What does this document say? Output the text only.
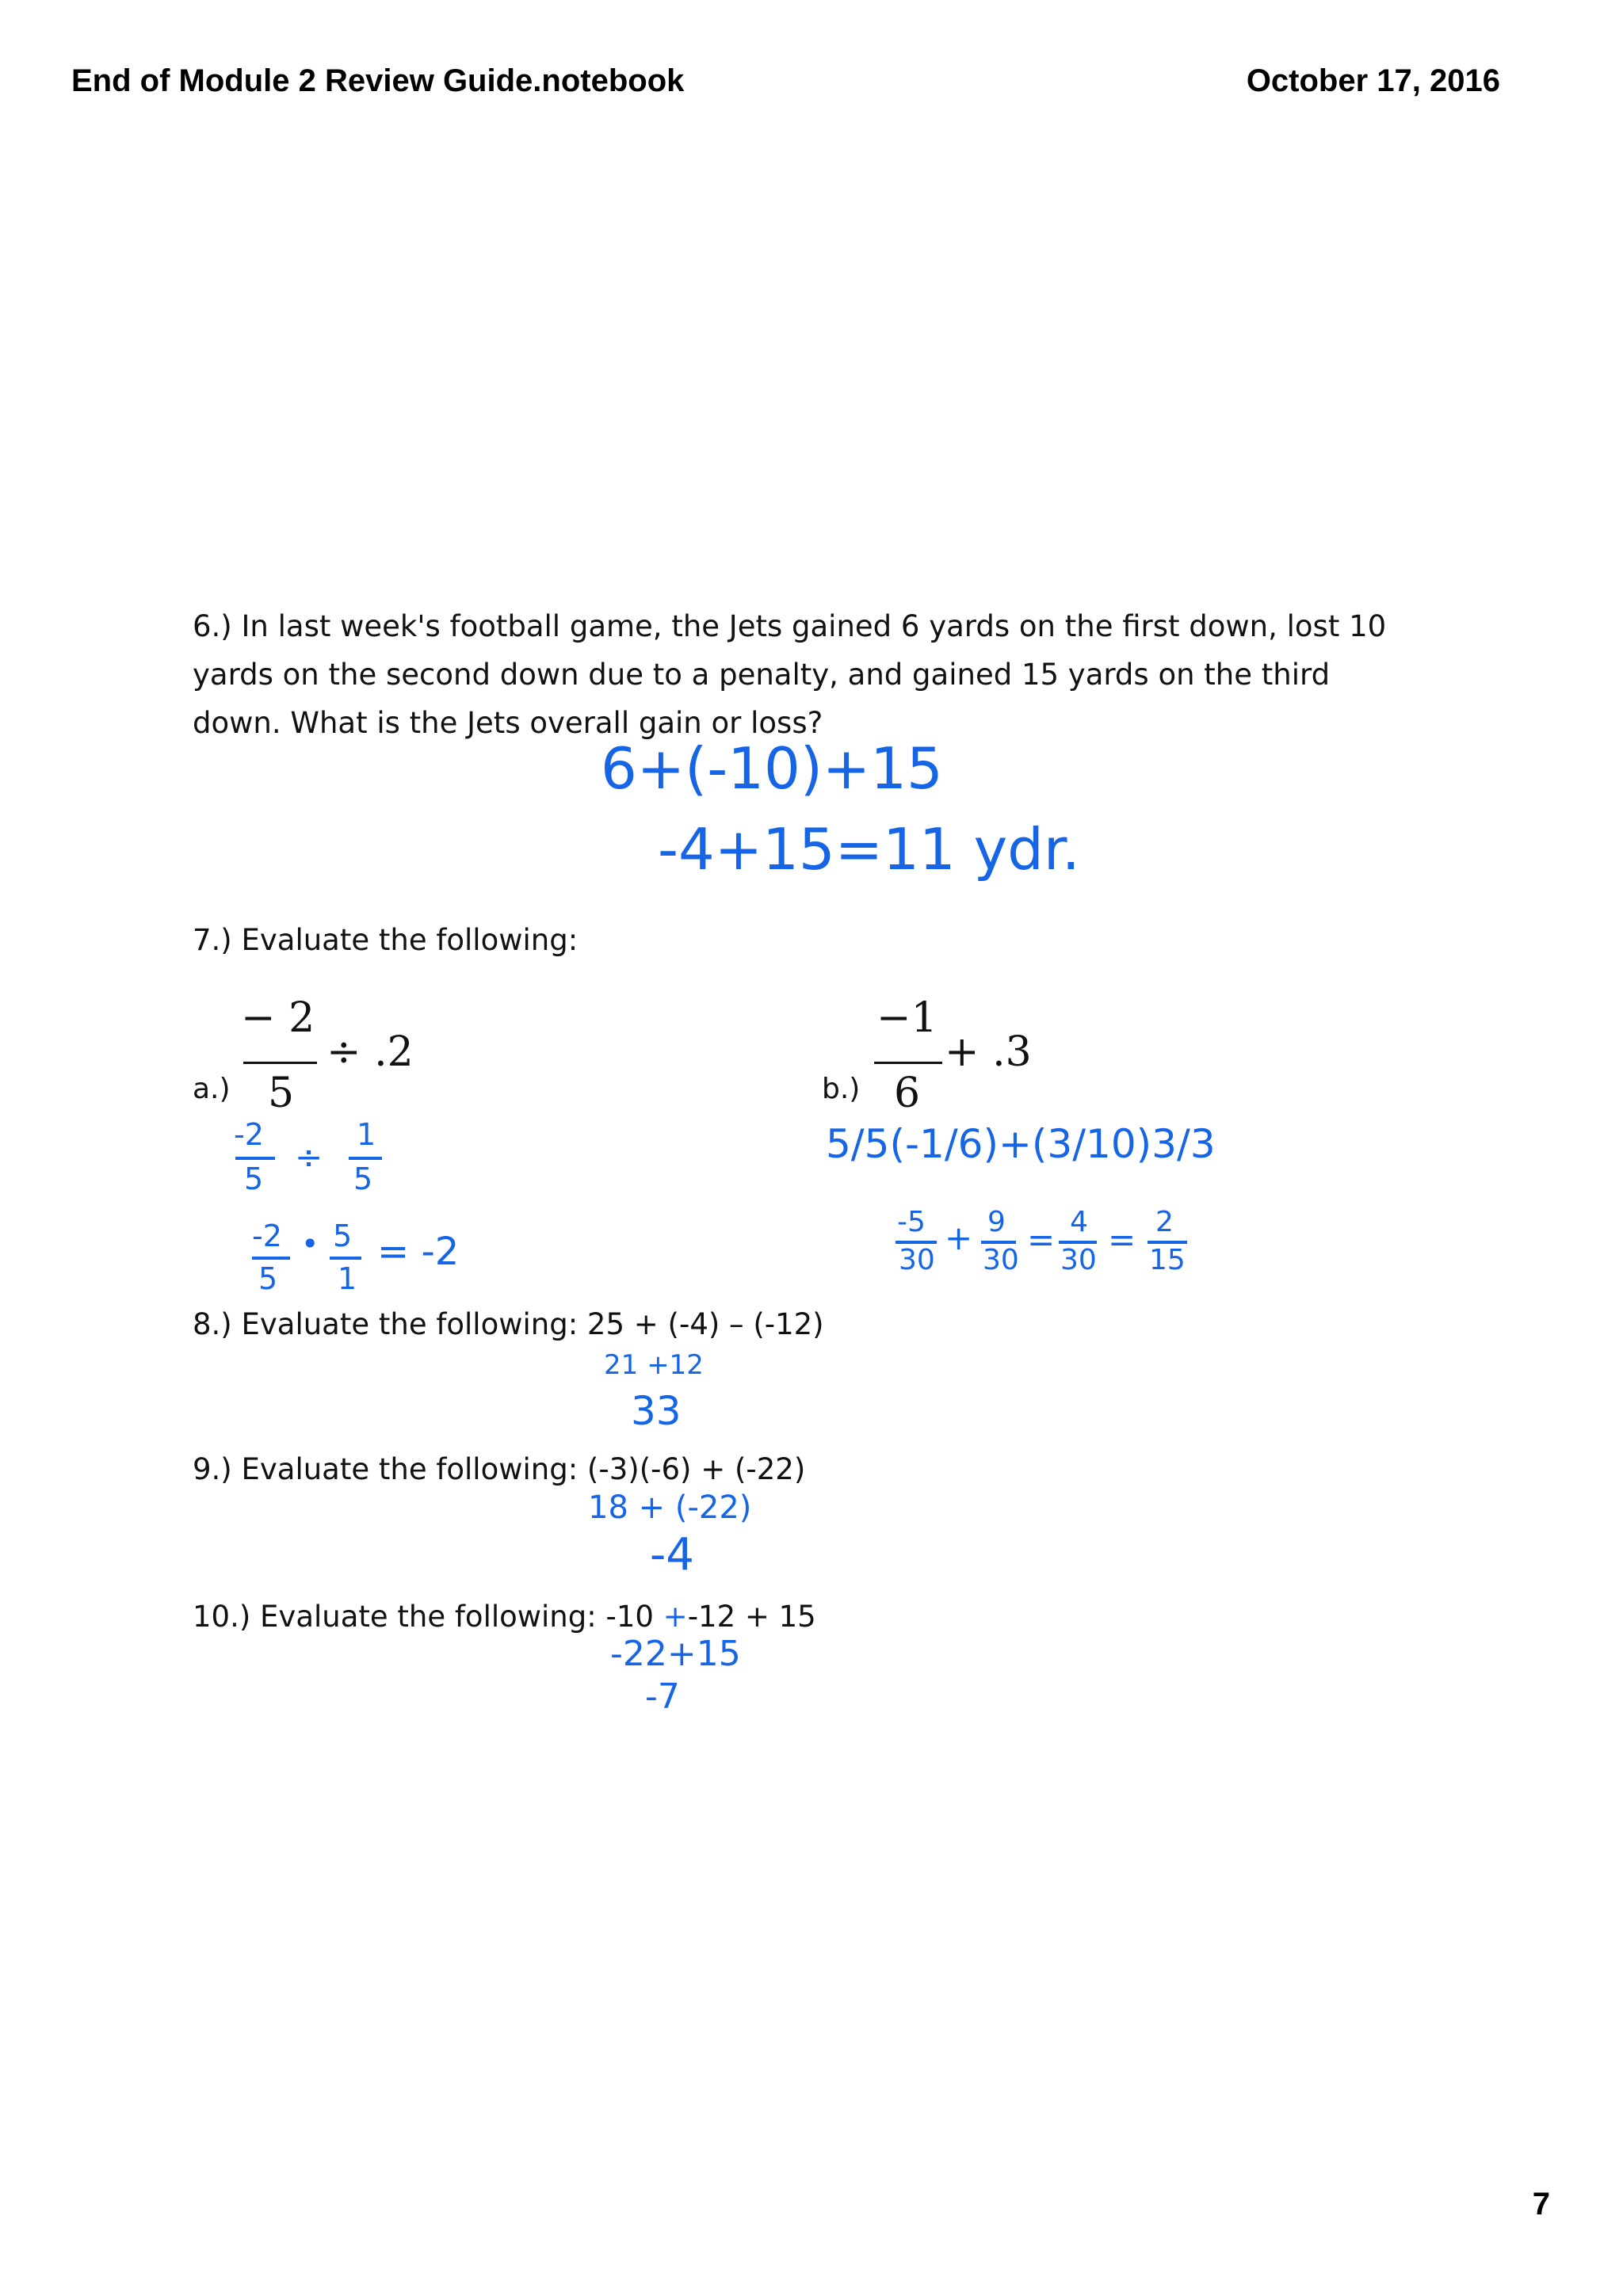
End of Module 2 Review Guide.notebook	October 17, 2016
6.) In last week's football game, the Jets gained 6 yards on the first down, lost 10 yards on the second down due to a penalty, and gained 15 yards on the third down. What is the Jets overall gain or loss?
6+(-10)+15
-4+15=11 ydr.
7.) Evaluate the following:
a.)
− 2
5
÷ .2
-2
5
÷
1
5
-2
5
• 5
1
= -2
b.)
−1
6
+ .3
5/5(-1/6)+(3/10)3/3
-5
30
+ 9
30
= 4
30
= 2
15
8.) Evaluate the following: 25 + (-4) – (-12)
21 +12
33
9.) Evaluate the following: (-3)(-6) + (-22)
18 + (-22)
-4
10.) Evaluate the following: -10 +-12 + 15
-22+15
-7
7
